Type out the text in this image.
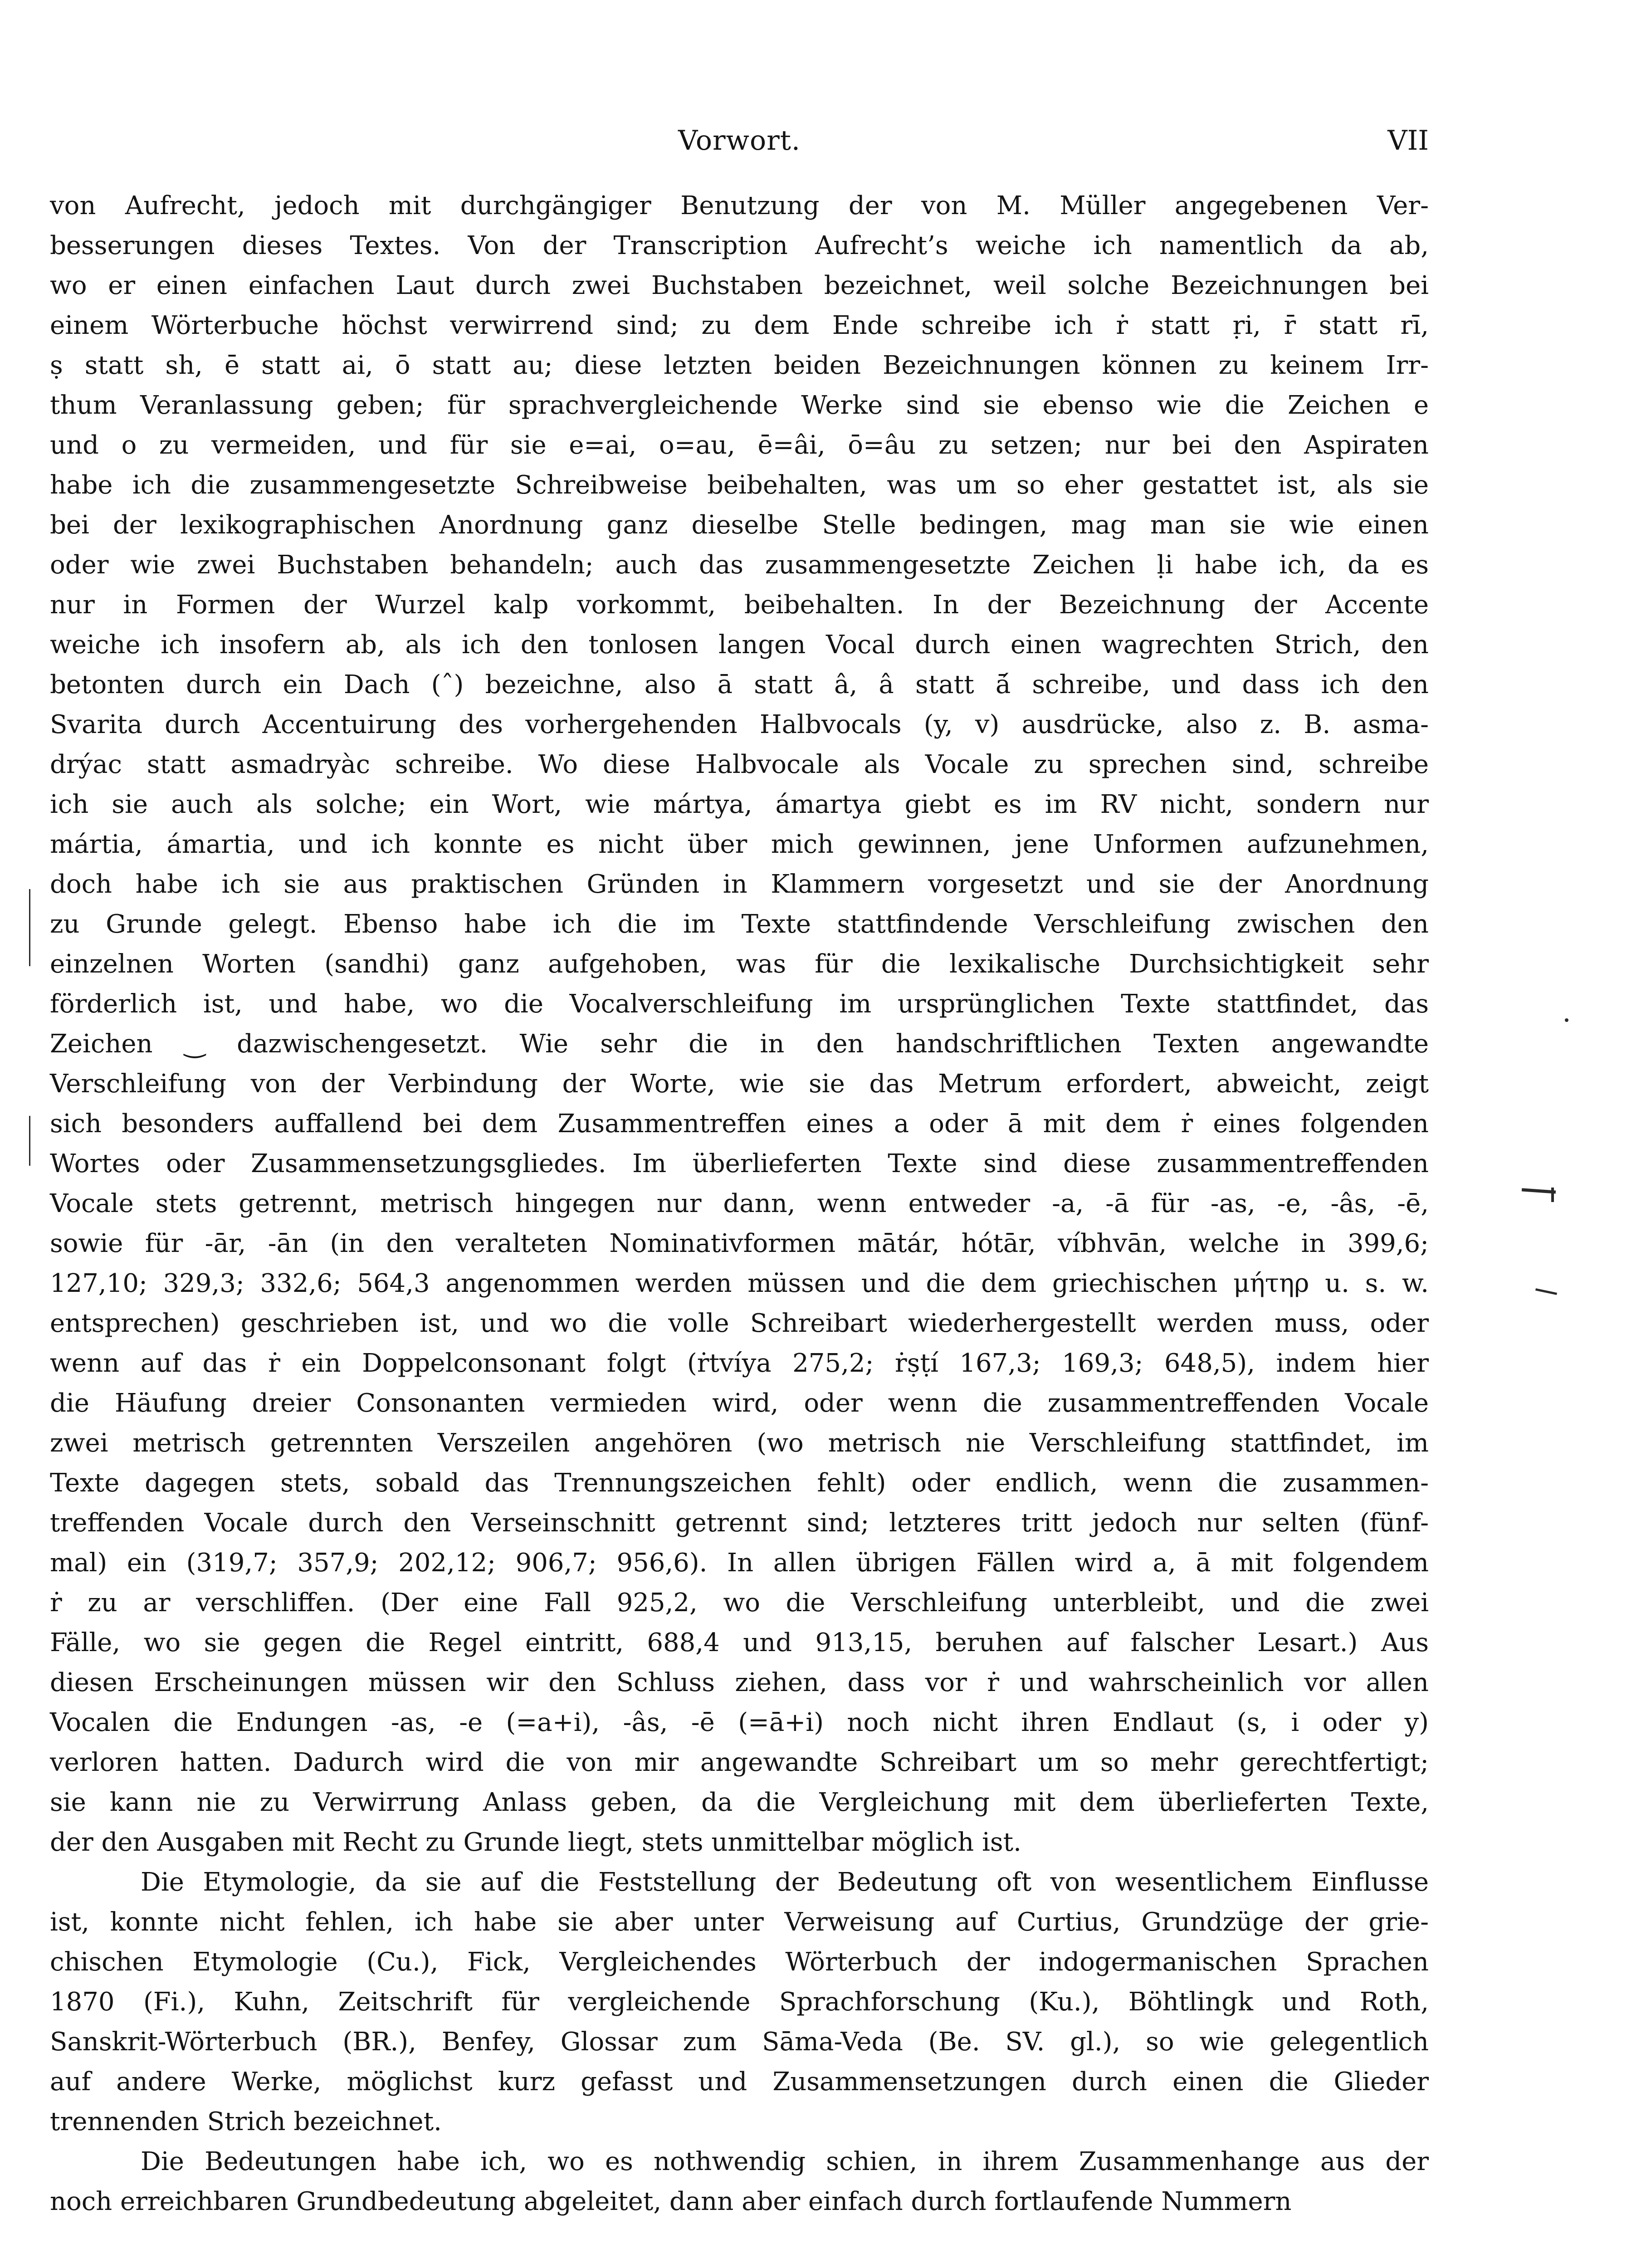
Vorwort.	VII
von Aufrecht, jedoch mit durchgängiger Benutzung der von M. Müller angegebenen Ver-
besserungen dieses Textes. Von der Transcription Aufrecht’s weiche ich namentlich da ab,
wo er einen einfachen Laut durch zwei Buchstaben bezeichnet, weil solche Bezeichnungen bei
einem Wörterbuche höchst verwirrend sind; zu dem Ende schreibe ich ṙ statt ṛi, r̄ statt rī,
ṣ statt sh, ē statt ai, ō statt au; diese letzten beiden Bezeichnungen können zu keinem Irr-
thum Veranlassung geben; für sprachvergleichende Werke sind sie ebenso wie die Zeichen e
und o zu vermeiden, und für sie e=ai, o=au, ē=âi, ō=âu zu setzen; nur bei den Aspiraten
habe ich die zusammengesetzte Schreibweise beibehalten, was um so eher gestattet ist, als sie
bei der lexikographischen Anordnung ganz dieselbe Stelle bedingen, mag man sie wie einen
oder wie zwei Buchstaben behandeln; auch das zusammengesetzte Zeichen ḷi habe ich, da es
nur in Formen der Wurzel kalp vorkommt, beibehalten. In der Bezeichnung der Accente
weiche ich insofern ab, als ich den tonlosen langen Vocal durch einen wagrechten Strich, den
betonten durch ein Dach (ˆ) bezeichne, also ā statt â, â statt ā́ schreibe, und dass ich den
Svarita durch Accentuirung des vorhergehenden Halbvocals (y, v) ausdrücke, also z. B. asma-
drýac statt asmadryàc schreibe. Wo diese Halbvocale als Vocale zu sprechen sind, schreibe
ich sie auch als solche; ein Wort, wie mártya, ámartya giebt es im RV nicht, sondern nur
mártia, ámartia, und ich konnte es nicht über mich gewinnen, jene Unformen aufzunehmen,
doch habe ich sie aus praktischen Gründen in Klammern vorgesetzt und sie der Anordnung
zu Grunde gelegt. Ebenso habe ich die im Texte stattfindende Verschleifung zwischen den
einzelnen Worten (sandhi) ganz aufgehoben, was für die lexikalische Durchsichtigkeit sehr
förderlich ist, und habe, wo die Vocalverschleifung im ursprünglichen Texte stattfindet, das
Zeichen ‿ dazwischengesetzt. Wie sehr die in den handschriftlichen Texten angewandte
Verschleifung von der Verbindung der Worte, wie sie das Metrum erfordert, abweicht, zeigt
sich besonders auffallend bei dem Zusammentreffen eines a oder ā mit dem ṙ eines folgenden
Wortes oder Zusammensetzungsgliedes. Im überlieferten Texte sind diese zusammentreffenden
Vocale stets getrennt, metrisch hingegen nur dann, wenn entweder -a, -ā für -as, -e, -âs, -ē,
sowie für -ār, -ān (in den veralteten Nominativformen mātár, hótār, víbhvān, welche in 399,6;
127,10; 329,3; 332,6; 564,3 angenommen werden müssen und die dem griechischen μήτηρ u. s. w.
entsprechen) geschrieben ist, und wo die volle Schreibart wiederhergestellt werden muss, oder
wenn auf das ṙ ein Doppelconsonant folgt (ṙtvíya 275,2; ṙṣṭí 167,3; 169,3; 648,5), indem hier
die Häufung dreier Consonanten vermieden wird, oder wenn die zusammentreffenden Vocale
zwei metrisch getrennten Verszeilen angehören (wo metrisch nie Verschleifung stattfindet, im
Texte dagegen stets, sobald das Trennungszeichen fehlt) oder endlich, wenn die zusammen-
treffenden Vocale durch den Verseinschnitt getrennt sind; letzteres tritt jedoch nur selten (fünf-
mal) ein (319,7; 357,9; 202,12; 906,7; 956,6). In allen übrigen Fällen wird a, ā mit folgendem
ṙ zu ar verschliffen. (Der eine Fall 925,2, wo die Verschleifung unterbleibt, und die zwei
Fälle, wo sie gegen die Regel eintritt, 688,4 und 913,15, beruhen auf falscher Lesart.) Aus
diesen Erscheinungen müssen wir den Schluss ziehen, dass vor ṙ und wahrscheinlich vor allen
Vocalen die Endungen -as, -e (=a+i), -âs, -ē (=ā+i) noch nicht ihren Endlaut (s, i oder y)
verloren hatten. Dadurch wird die von mir angewandte Schreibart um so mehr gerechtfertigt;
sie kann nie zu Verwirrung Anlass geben, da die Vergleichung mit dem überlieferten Texte,
der den Ausgaben mit Recht zu Grunde liegt, stets unmittelbar möglich ist.
Die Etymologie, da sie auf die Feststellung der Bedeutung oft von wesentlichem Einflusse
ist, konnte nicht fehlen, ich habe sie aber unter Verweisung auf Curtius, Grundzüge der grie-
chischen Etymologie (Cu.), Fick, Vergleichendes Wörterbuch der indogermanischen Sprachen
1870 (Fi.), Kuhn, Zeitschrift für vergleichende Sprachforschung (Ku.), Böhtlingk und Roth,
Sanskrit-Wörterbuch (BR.), Benfey, Glossar zum Sāma-Veda (Be. SV. gl.), so wie gelegentlich
auf andere Werke, möglichst kurz gefasst und Zusammensetzungen durch einen die Glieder
trennenden Strich bezeichnet.
Die Bedeutungen habe ich, wo es nothwendig schien, in ihrem Zusammenhange aus der
noch erreichbaren Grundbedeutung abgeleitet, dann aber einfach durch fortlaufende Nummern
